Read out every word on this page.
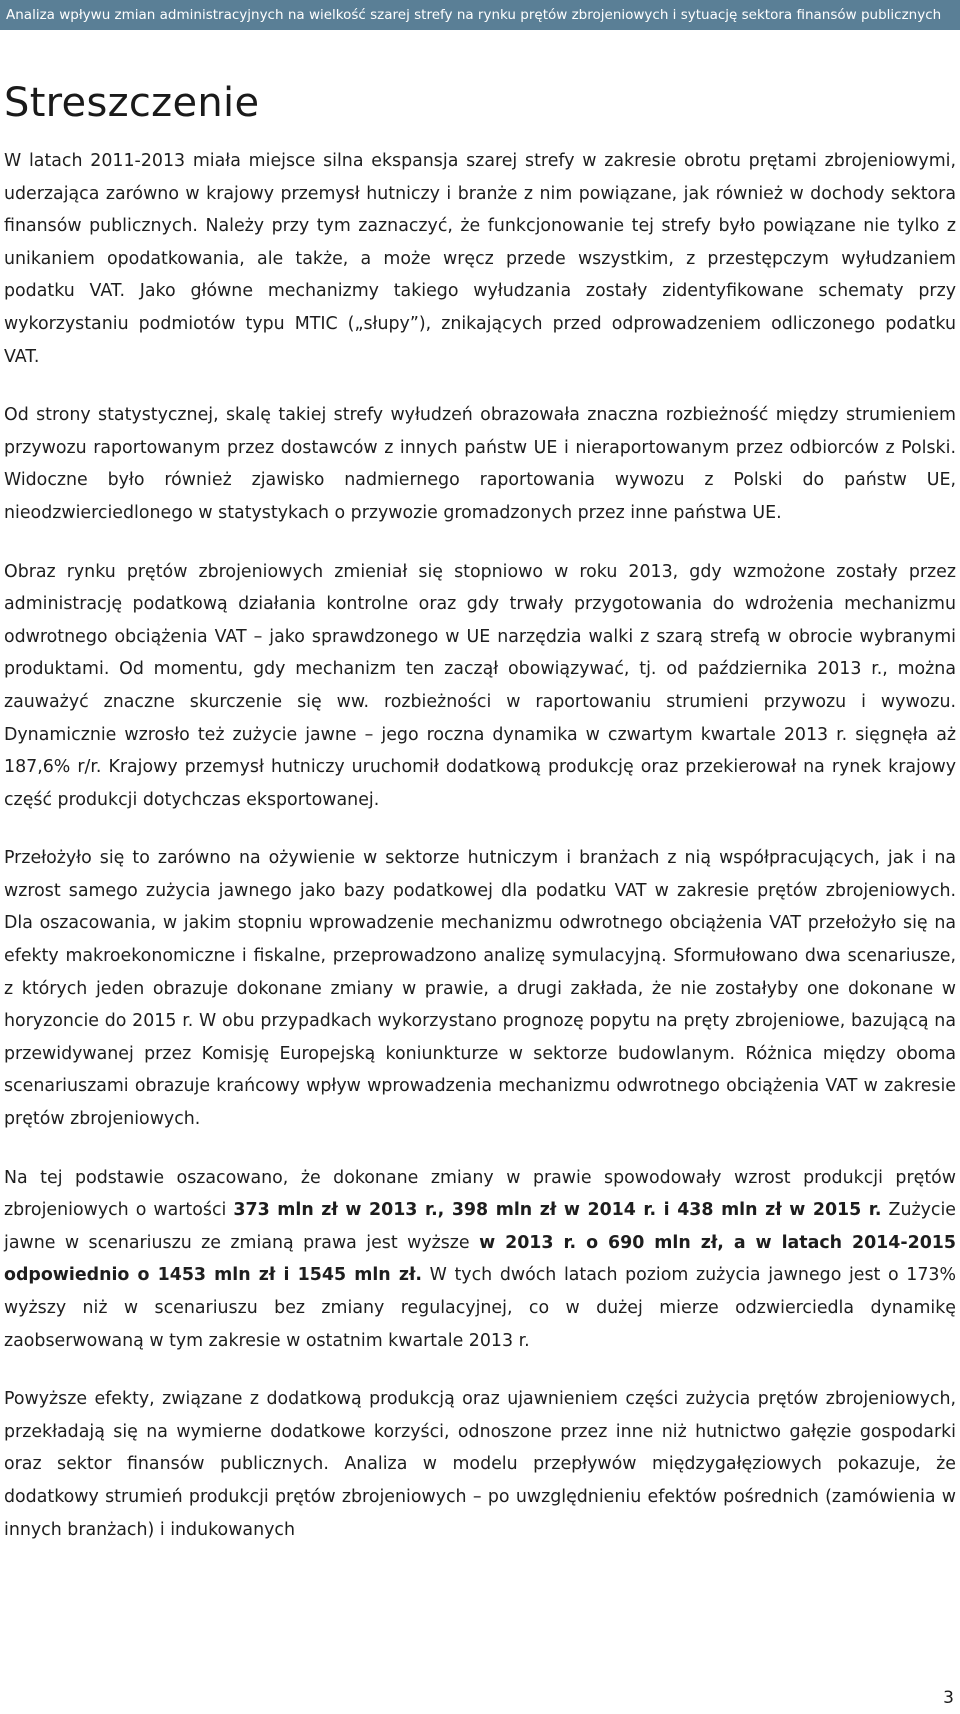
Analiza wpływu zmian administracyjnych na wielkość szarej strefy na rynku prętów zbrojeniowych i sytuację sektora finansów publicznych
Streszczenie

W latach 2011-2013 miała miejsce silna ekspansja szarej strefy w zakresie obrotu prętami zbrojeniowymi, uderzająca zarówno w krajowy przemysł hutniczy i branże z nim powiązane, jak również w dochody sektora finansów publicznych. Należy przy tym zaznaczyć, że funkcjonowanie tej strefy było powiązane nie tylko z unikaniem opodatkowania, ale także, a może wręcz przede wszystkim, z przestępczym wyłudzaniem podatku VAT. Jako główne mechanizmy takiego wyłudzania zostały zidentyfikowane schematy przy wykorzystaniu podmiotów typu MTIC („słupy”), znikających przed odprowadzeniem odliczonego podatku VAT.

Od strony statystycznej, skalę takiej strefy wyłudzeń obrazowała znaczna rozbieżność między strumieniem przywozu raportowanym przez dostawców z innych państw UE i nieraportowanym przez odbiorców z Polski. Widoczne było również zjawisko nadmiernego raportowania wywozu z Polski do państw UE, nieodzwierciedlonego w statystykach o przywozie gromadzonych przez inne państwa UE.

Obraz rynku prętów zbrojeniowych zmieniał się stopniowo w roku 2013, gdy wzmożone zostały przez administrację podatkową działania kontrolne oraz gdy trwały przygotowania do wdrożenia mechanizmu odwrotnego obciążenia VAT – jako sprawdzonego w UE narzędzia walki z szarą strefą w obrocie wybranymi produktami. Od momentu, gdy mechanizm ten zaczął obowiązywać, tj. od października 2013 r., można zauważyć znaczne skurczenie się ww. rozbieżności w raportowaniu strumieni przywozu i wywozu. Dynamicznie wzrosło też zużycie jawne – jego roczna dynamika w czwartym kwartale 2013 r. sięgnęła aż 187,6% r/r. Krajowy przemysł hutniczy uruchomił dodatkową produkcję oraz przekierował na rynek krajowy część produkcji dotychczas eksportowanej.

Przełożyło się to zarówno na ożywienie w sektorze hutniczym i branżach z nią współpracujących, jak i na wzrost samego zużycia jawnego jako bazy podatkowej dla podatku VAT w zakresie prętów zbrojeniowych. Dla oszacowania, w jakim stopniu wprowadzenie mechanizmu odwrotnego obciążenia VAT przełożyło się na efekty makroekonomiczne i fiskalne, przeprowadzono analizę symulacyjną. Sformułowano dwa scenariusze, z których jeden obrazuje dokonane zmiany w prawie, a drugi zakłada, że nie zostałyby one dokonane w horyzoncie do 2015 r. W obu przypadkach wykorzystano prognozę popytu na pręty zbrojeniowe, bazującą na przewidywanej przez Komisję Europejską koniunkturze w sektorze budowlanym. Różnica między oboma scenariuszami obrazuje krańcowy wpływ wprowadzenia mechanizmu odwrotnego obciążenia VAT w zakresie prętów zbrojeniowych.

Na tej podstawie oszacowano, że dokonane zmiany w prawie spowodowały wzrost produkcji prętów zbrojeniowych o wartości 373 mln zł w 2013 r., 398 mln zł w 2014 r. i 438 mln zł w 2015 r. Zużycie jawne w scenariuszu ze zmianą prawa jest wyższe w 2013 r. o 690 mln zł, a w latach 2014-2015 odpowiednio o 1453 mln zł i 1545 mln zł. W tych dwóch latach poziom zużycia jawnego jest o 173% wyższy niż w scenariuszu bez zmiany regulacyjnej, co w dużej mierze odzwierciedla dynamikę zaobserwowaną w tym zakresie w ostatnim kwartale 2013 r.

Powyższe efekty, związane z dodatkową produkcją oraz ujawnieniem części zużycia prętów zbrojeniowych, przekładają się na wymierne dodatkowe korzyści, odnoszone przez inne niż hutnictwo gałęzie gospodarki oraz sektor finansów publicznych. Analiza w modelu przepływów międzygałęziowych pokazuje, że dodatkowy strumień produkcji prętów zbrojeniowych – po uwzględnieniu efektów pośrednich (zamówienia w innych branżach) i indukowanych

3
